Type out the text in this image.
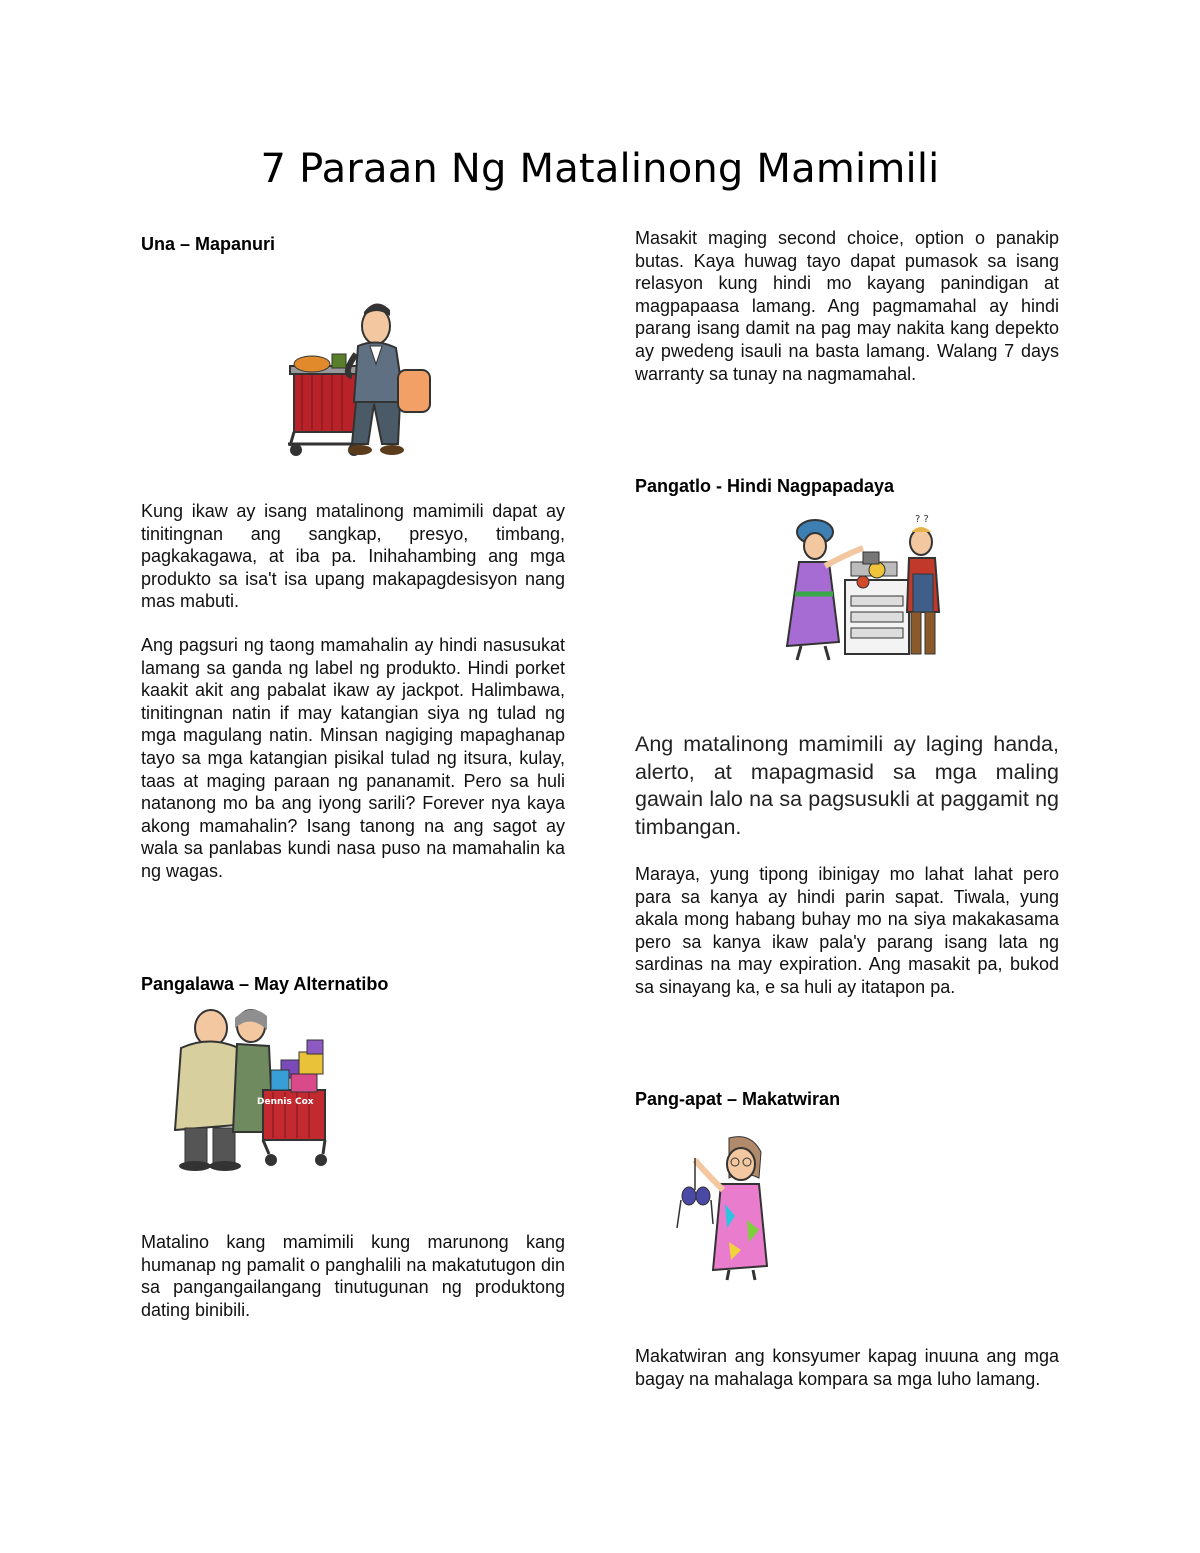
7 Paraan Ng Matalinong Mamimili

Una – Mapanuri

Kung ikaw ay isang matalinong mamimili dapat ay tinitingnan ang sangkap, presyo, timbang, pagkakagawa, at iba pa. Inihahambing ang mga produkto sa isa't isa upang makapagdesisyon nang mas mabuti.

Ang pagsuri ng taong mamahalin ay hindi nasusukat lamang sa ganda ng label ng produkto. Hindi porket kaakit akit ang pabalat ikaw ay jackpot. Halimbawa, tinitingnan natin if may katangian siya ng tulad ng mga magulang natin. Minsan nagiging mapaghanap tayo sa mga katangian pisikal tulad ng itsura, kulay, taas at maging paraan ng pananamit. Pero sa huli natanong mo ba ang iyong sarili? Forever nya kaya akong mamahalin? Isang tanong na ang sagot ay wala sa panlabas kundi nasa puso na mamahalin ka ng wagas.

Pangalawa – May Alternatibo

Dennis Cox

Matalino kang mamimili kung marunong kang humanap ng pamalit o panghalili na makatutugon din sa pangangailangang tinutugunan ng produktong dating binibili.

Masakit maging second choice, option o panakip butas. Kaya huwag tayo dapat pumasok sa isang relasyon kung hindi mo kayang panindigan at magpapaasa lamang. Ang pagmamahal ay hindi parang isang damit na pag may nakita kang depekto ay pwedeng isauli na basta lamang. Walang 7 days warranty sa tunay na nagmamahal.

Pangatlo - Hindi Nagpapadaya

? ?

Ang matalinong mamimili ay laging handa, alerto, at mapagmasid sa mga maling gawain lalo na sa pagsusukli at paggamit ng timbangan.

Maraya, yung tipong ibinigay mo lahat lahat pero para sa kanya ay hindi parin sapat. Tiwala, yung akala mong habang buhay mo na siya makakasama pero sa kanya ikaw pala'y parang isang lata ng sardinas na may expiration. Ang masakit pa, bukod sa sinayang ka, e sa huli ay itatapon pa.

Pang-apat – Makatwiran

Makatwiran ang konsyumer kapag inuuna ang mga bagay na mahalaga kompara sa mga luho lamang.
